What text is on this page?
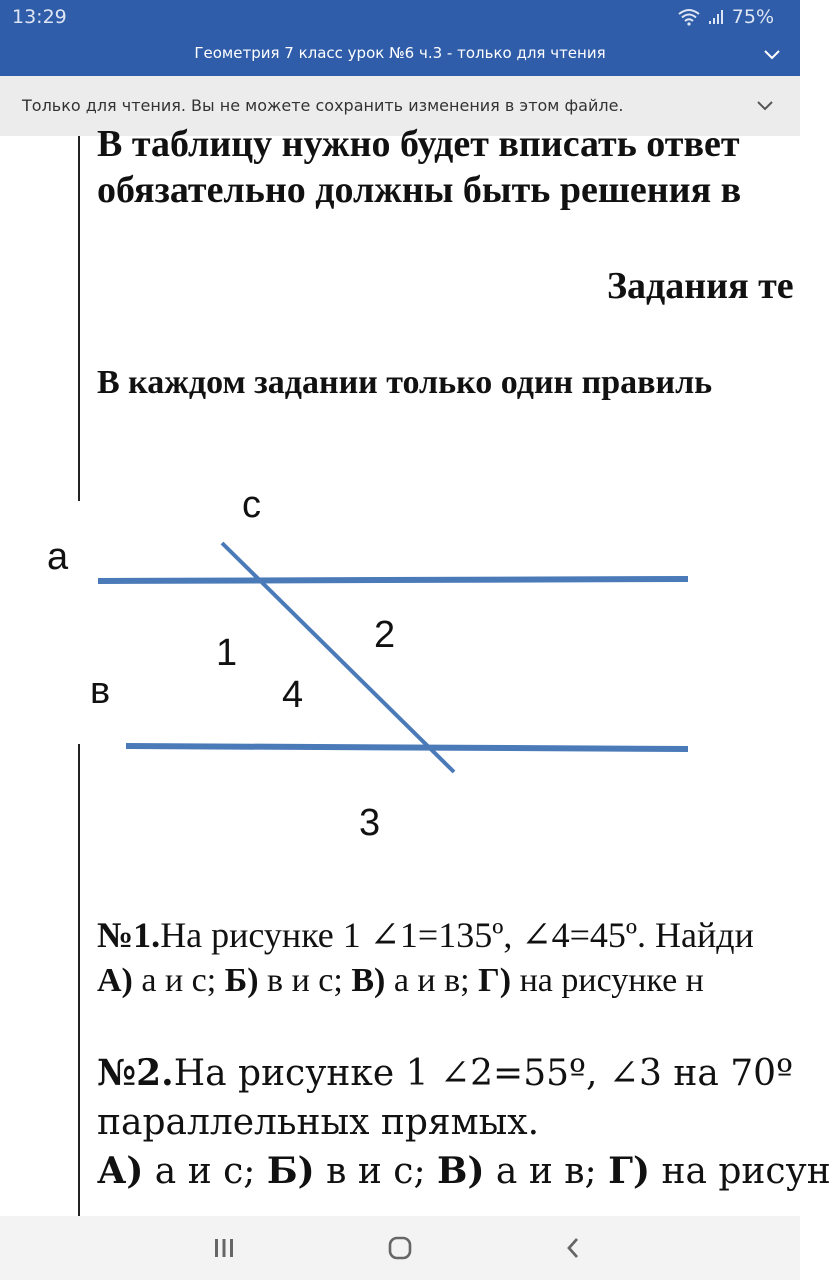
13:29	75%
Геометрия 7 класс урок №6 ч.3 - только для чтения
Только для чтения. Вы не можете сохранить изменения в этом файле.
В таблицу нужно будет вписать ответ
обязательно должны быть решения в
Задания те
В каждом задании только один правиль
с
а
в
1	2
4
3
№1.На рисунке 1 ∠1=135º, ∠4=45º. Найди
А) а и с; Б) в и с; В) а и в; Г) на рисунке н
№2.На рисунке 1 ∠2=55º, ∠3 на 70º
параллельных прямых.
А) а и с; Б) в и с; В) а и в; Г) на рисун
